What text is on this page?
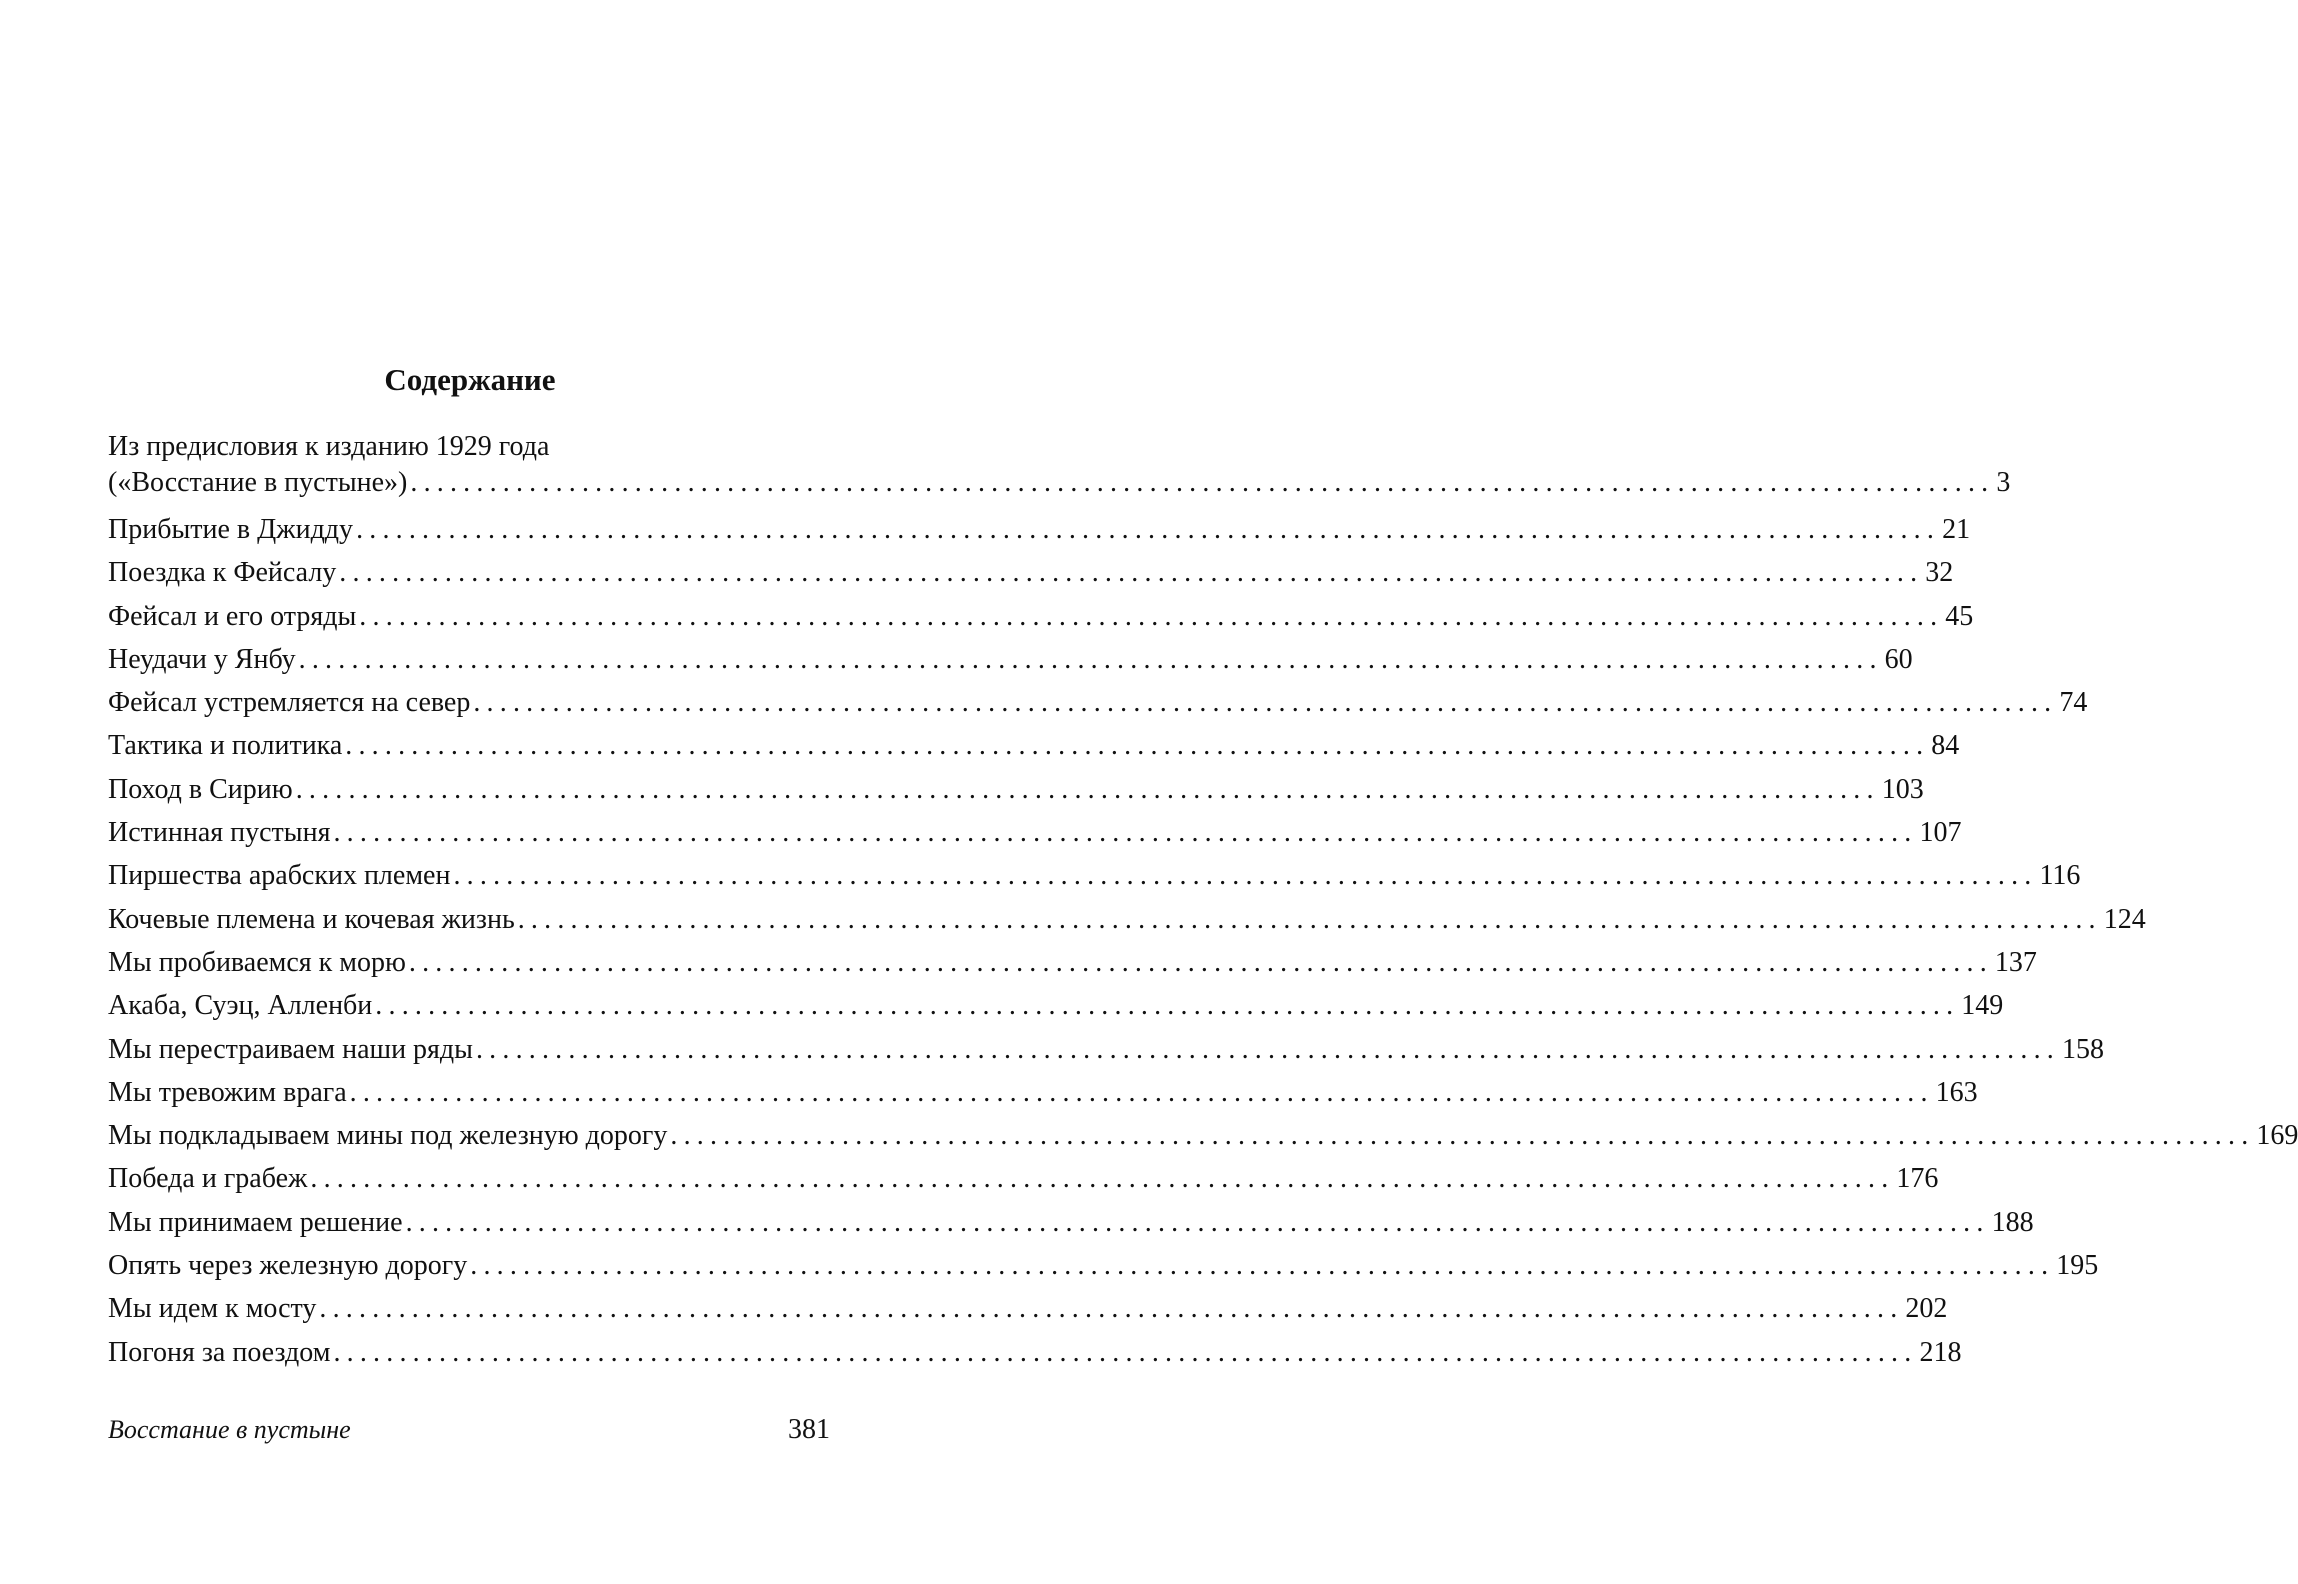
Содержание
Из предисловия к изданию 1929 года
(«Восстание в пустыне») ........................................................................................................................ 3
Прибытие в Джидду ........................................................................................................................ 21
Поездка к Фейсалу ........................................................................................................................ 32
Фейсал и его отряды ........................................................................................................................ 45
Неудачи у Янбу ........................................................................................................................ 60
Фейсал устремляется на север ........................................................................................................................ 74
Тактика и политика ........................................................................................................................ 84
Поход в Сирию ........................................................................................................................ 103
Истинная пустыня ........................................................................................................................ 107
Пиршества арабских племен ........................................................................................................................ 116
Кочевые племена и кочевая жизнь ........................................................................................................................ 124
Мы пробиваемся к морю ........................................................................................................................ 137
Акаба, Суэц, Алленби ........................................................................................................................ 149
Мы перестраиваем наши ряды ........................................................................................................................ 158
Мы тревожим врага ........................................................................................................................ 163
Мы подкладываем мины под железную дорогу ........................................................................................................................ 169
Победа и грабеж ........................................................................................................................ 176
Мы принимаем решение ........................................................................................................................ 188
Опять через железную дорогу ........................................................................................................................ 195
Мы идем к мосту ........................................................................................................................ 202
Погоня за поездом ........................................................................................................................ 218
Восстание в пустыне	381
